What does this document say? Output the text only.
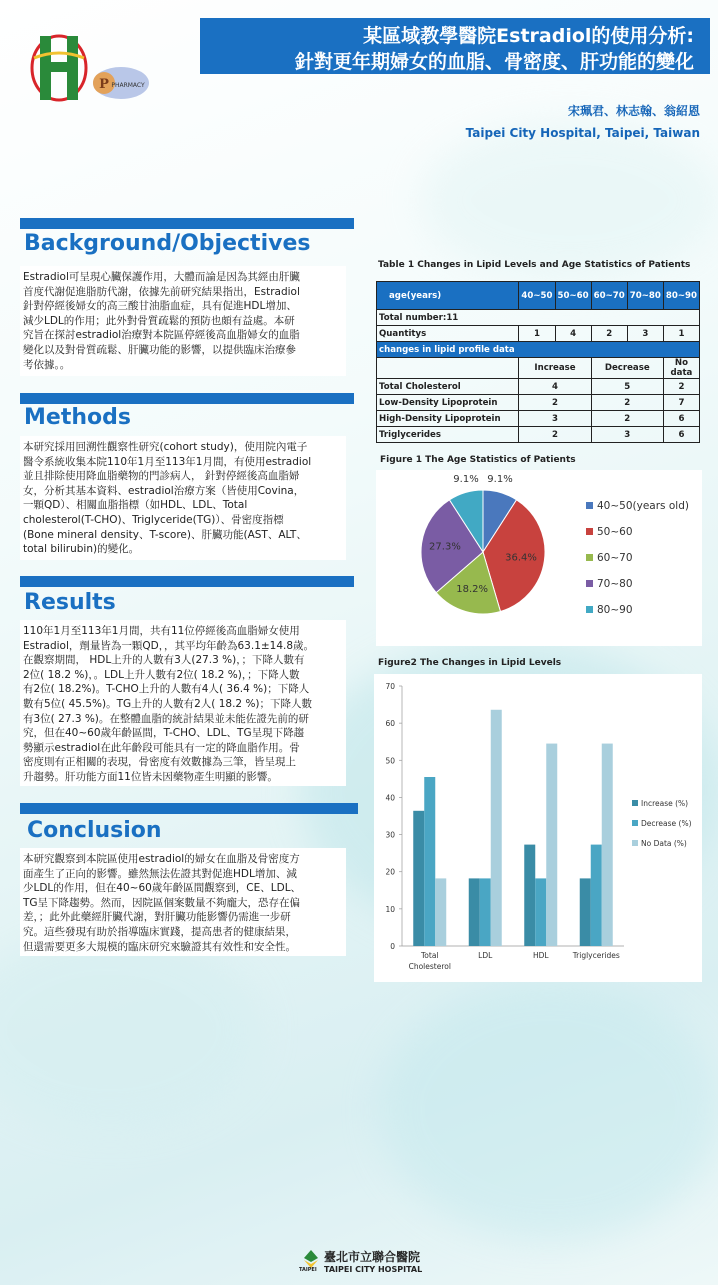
P PHARMACY
某區域教學醫院Estradiol的使用分析:
針對更年期婦女的血脂、骨密度、肝功能的變化
宋珮君、林志翰、翁紹恩
Taipei City Hospital, Taipei, Taiwan
Background/Objectives
Estradiol可呈現心臟保護作用，大體而論是因為其經由肝臟
首度代謝促進脂肪代謝，依據先前研究結果指出，Estradiol
針對停經後婦女的高三酸甘油脂血症，具有促進HDL增加、
減少LDL的作用；此外對骨質疏鬆的預防也頗有益處。本研
究旨在探討estradiol治療對本院區停經後高血脂婦女的血脂
變化以及對骨質疏鬆、肝臟功能的影響，以提供臨床治療參
考依據。。
Methods
本研究採用回溯性觀察性研究(cohort study)，使用院內電子
醫令系統收集本院110年1月至113年1月間，有使用estradiol
並且排除使用降血脂藥物的門診病人， 針對停經後高血脂婦
女，分析其基本資料、estradiol治療方案（皆使用Covina，
一顆QD）、相關血脂指標（如HDL、LDL、Total
cholesterol(T-CHO)、Triglyceride(TG)）、骨密度指標
(Bone mineral density、T-score)、肝臟功能(AST、ALT、
total bilirubin)的變化。
Results
110年1月至113年1月間，共有11位停經後高血脂婦女使用
Estradiol，劑量皆為一顆QD，，其平均年齡為63.1±14.8歲。
在觀察期間， HDL上升的人數有3人(27.3 %)，；下降人數有
2位( 18.2 %)，。LDL上升人數有2位( 18.2 %)，；下降人數
有2位( 18.2%)。T-CHO上升的人數有4人( 36.4 %)；下降人
數有5位( 45.5%)。TG上升的人數有2人( 18.2 %)；下降人數
有3位( 27.3 %)。在整體血脂的統計結果並未能佐證先前的研
究，但在40~60歲年齡區間，T-CHO、LDL、TG呈現下降趨
勢顯示estradiol在此年齡段可能具有一定的降血脂作用。骨
密度則有正相關的表現，骨密度有效數據為三筆，皆呈現上
升趨勢。肝功能方面11位皆未因藥物產生明顯的影響。
Conclusion
本研究觀察到本院區使用estradiol的婦女在血脂及骨密度方
面產生了正向的影響。雖然無法佐證其對促進HDL增加、減
少LDL的作用，但在40~60歲年齡區間觀察到，CE、LDL、
TG呈下降趨勢。然而，因院區個案數量不夠龐大，恐存在偏
差，；此外此藥經肝臟代謝，對肝臟功能影響仍需進一步研
究。這些發現有助於指導臨床實踐，提高患者的健康結果，
但還需要更多大規模的臨床研究來驗證其有效性和安全性。
Table 1 Changes in Lipid Levels and Age Statistics of Patients
age(years)	40~50	50~60	60~70	70~80	80~90
Total number:11					
Quantitys	1	4	2	3	1
changes in lipid profile data					
	Increase		Decrease		No data
Total Cholesterol	4		5		2
Low-Density Lipoprotein	2		2		7
High-Density Lipoprotein	3		2		6
Triglycerides	2		3		6
Figure 1 The Age Statistics of Patients
9.1%
36.4%
18.2%
27.3%
9.1%
40~50(years old)
50~60
60~70
70~80
80~90
Figure2 The Changes in Lipid Levels
0
10
20
30
40
50
60
70
Total
Cholesterol
LDL	HDL	Triglycerides
Increase (%)
Decrease (%)
No Data (%)
TAIPEI
臺北市立聯合醫院
TAIPEI CITY HOSPITAL
